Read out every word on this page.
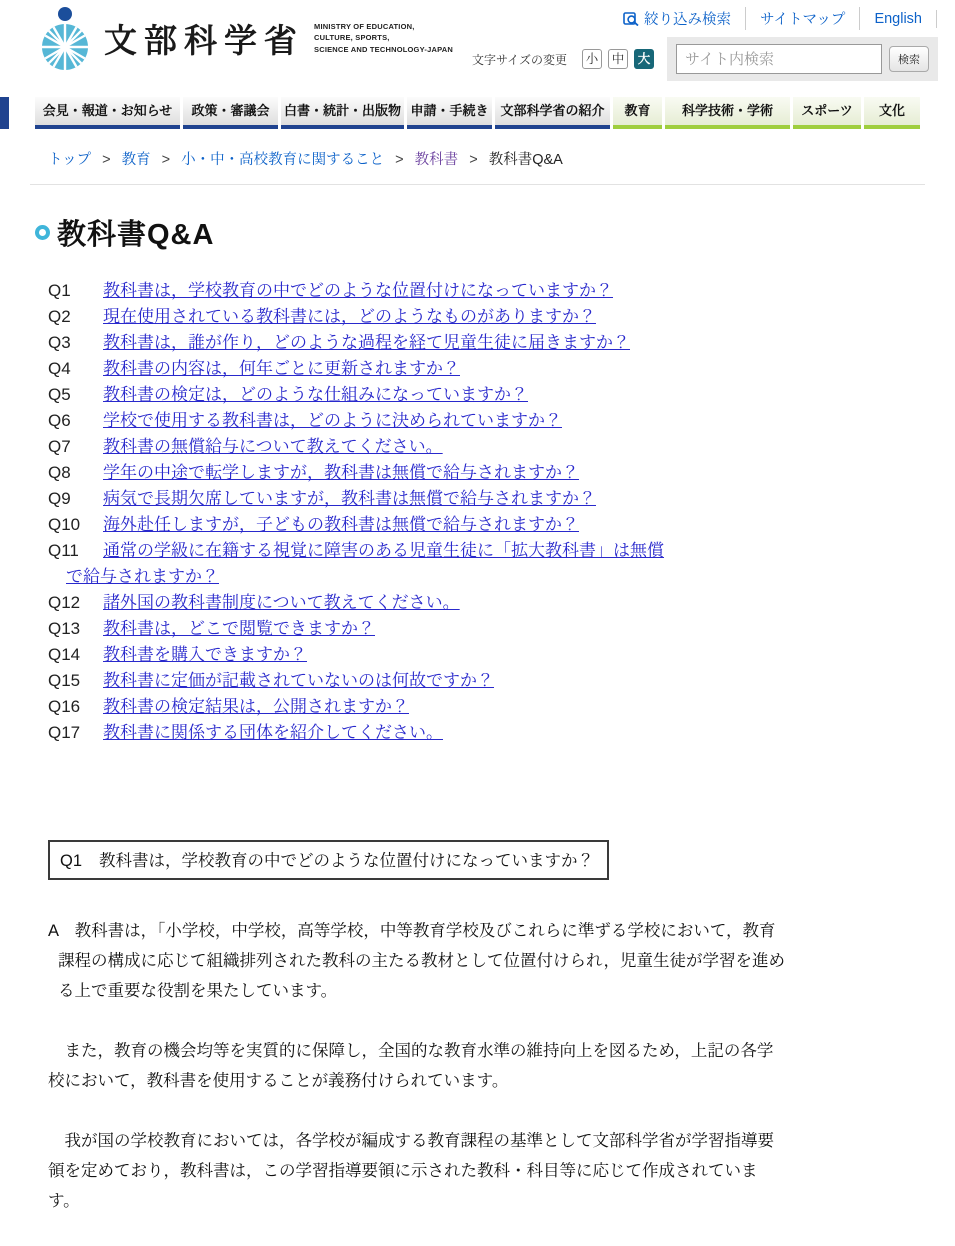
文部科学省 MINISTRY OF EDUCATION,
CULTURE, SPORTS,
SCIENCE AND TECHNOLOGY-JAPAN
絞り込み検索 サイトマップ English
文字サイズの変更 小	中	大
サイト内検索	検索
会見・報道・お知らせ	政策・審議会	白書・統計・出版物 申請・手続き 文部科学省の紹介	教育	科学技術・学術	スポーツ	文化
トップ > 教育 > 小・中・高校教育に関すること > 教科書 > 教科書Q&A
教科書Q&A
Q1	教科書は，学校教育の中でどのような位置付けになっていますか？
Q2	現在使用されている教科書には，どのようなものがありますか？
Q3	教科書は，誰が作り，どのような過程を経て児童生徒に届きますか？
Q4	教科書の内容は，何年ごとに更新されますか？
Q5	教科書の検定は，どのような仕組みになっていますか？
Q6	学校で使用する教科書は，どのように決められていますか？
Q7	教科書の無償給与について教えてください。
Q8	学年の中途で転学しますが，教科書は無償で給与されますか？
Q9	病気で長期欠席していますが，教科書は無償で給与されますか？
Q10	海外赴任しますが，子どもの教科書は無償で給与されますか？
Q11	通常の学級に在籍する視覚に障害のある児童生徒に「拡大教科書」は無償
で給与されますか？
Q12	諸外国の教科書制度について教えてください。
Q13	教科書は，どこで閲覧できますか？
Q14	教科書を購入できますか？
Q15	教科書に定価が記載されていないのは何故ですか？
Q16	教科書の検定結果は，公開されますか？
Q17	教科書に関係する団体を紹介してください。
Q1 教科書は，学校教育の中でどのような位置付けになっていますか？
A　教科書は，「小学校，中学校，高等学校，中等教育学校及びこれらに準ずる学校において，教育
課程の構成に応じて組織排列された教科の主たる教材として位置付けられ，児童生徒が学習を進め
る上で重要な役割を果たしています。
　また，教育の機会均等を実質的に保障し，全国的な教育水準の維持向上を図るため，上記の各学
校において，教科書を使用することが義務付けられています。
　我が国の学校教育においては，各学校が編成する教育課程の基準として文部科学省が学習指導要
領を定めており，教科書は，この学習指導要領に示された教科・科目等に応じて作成されていま
す。
